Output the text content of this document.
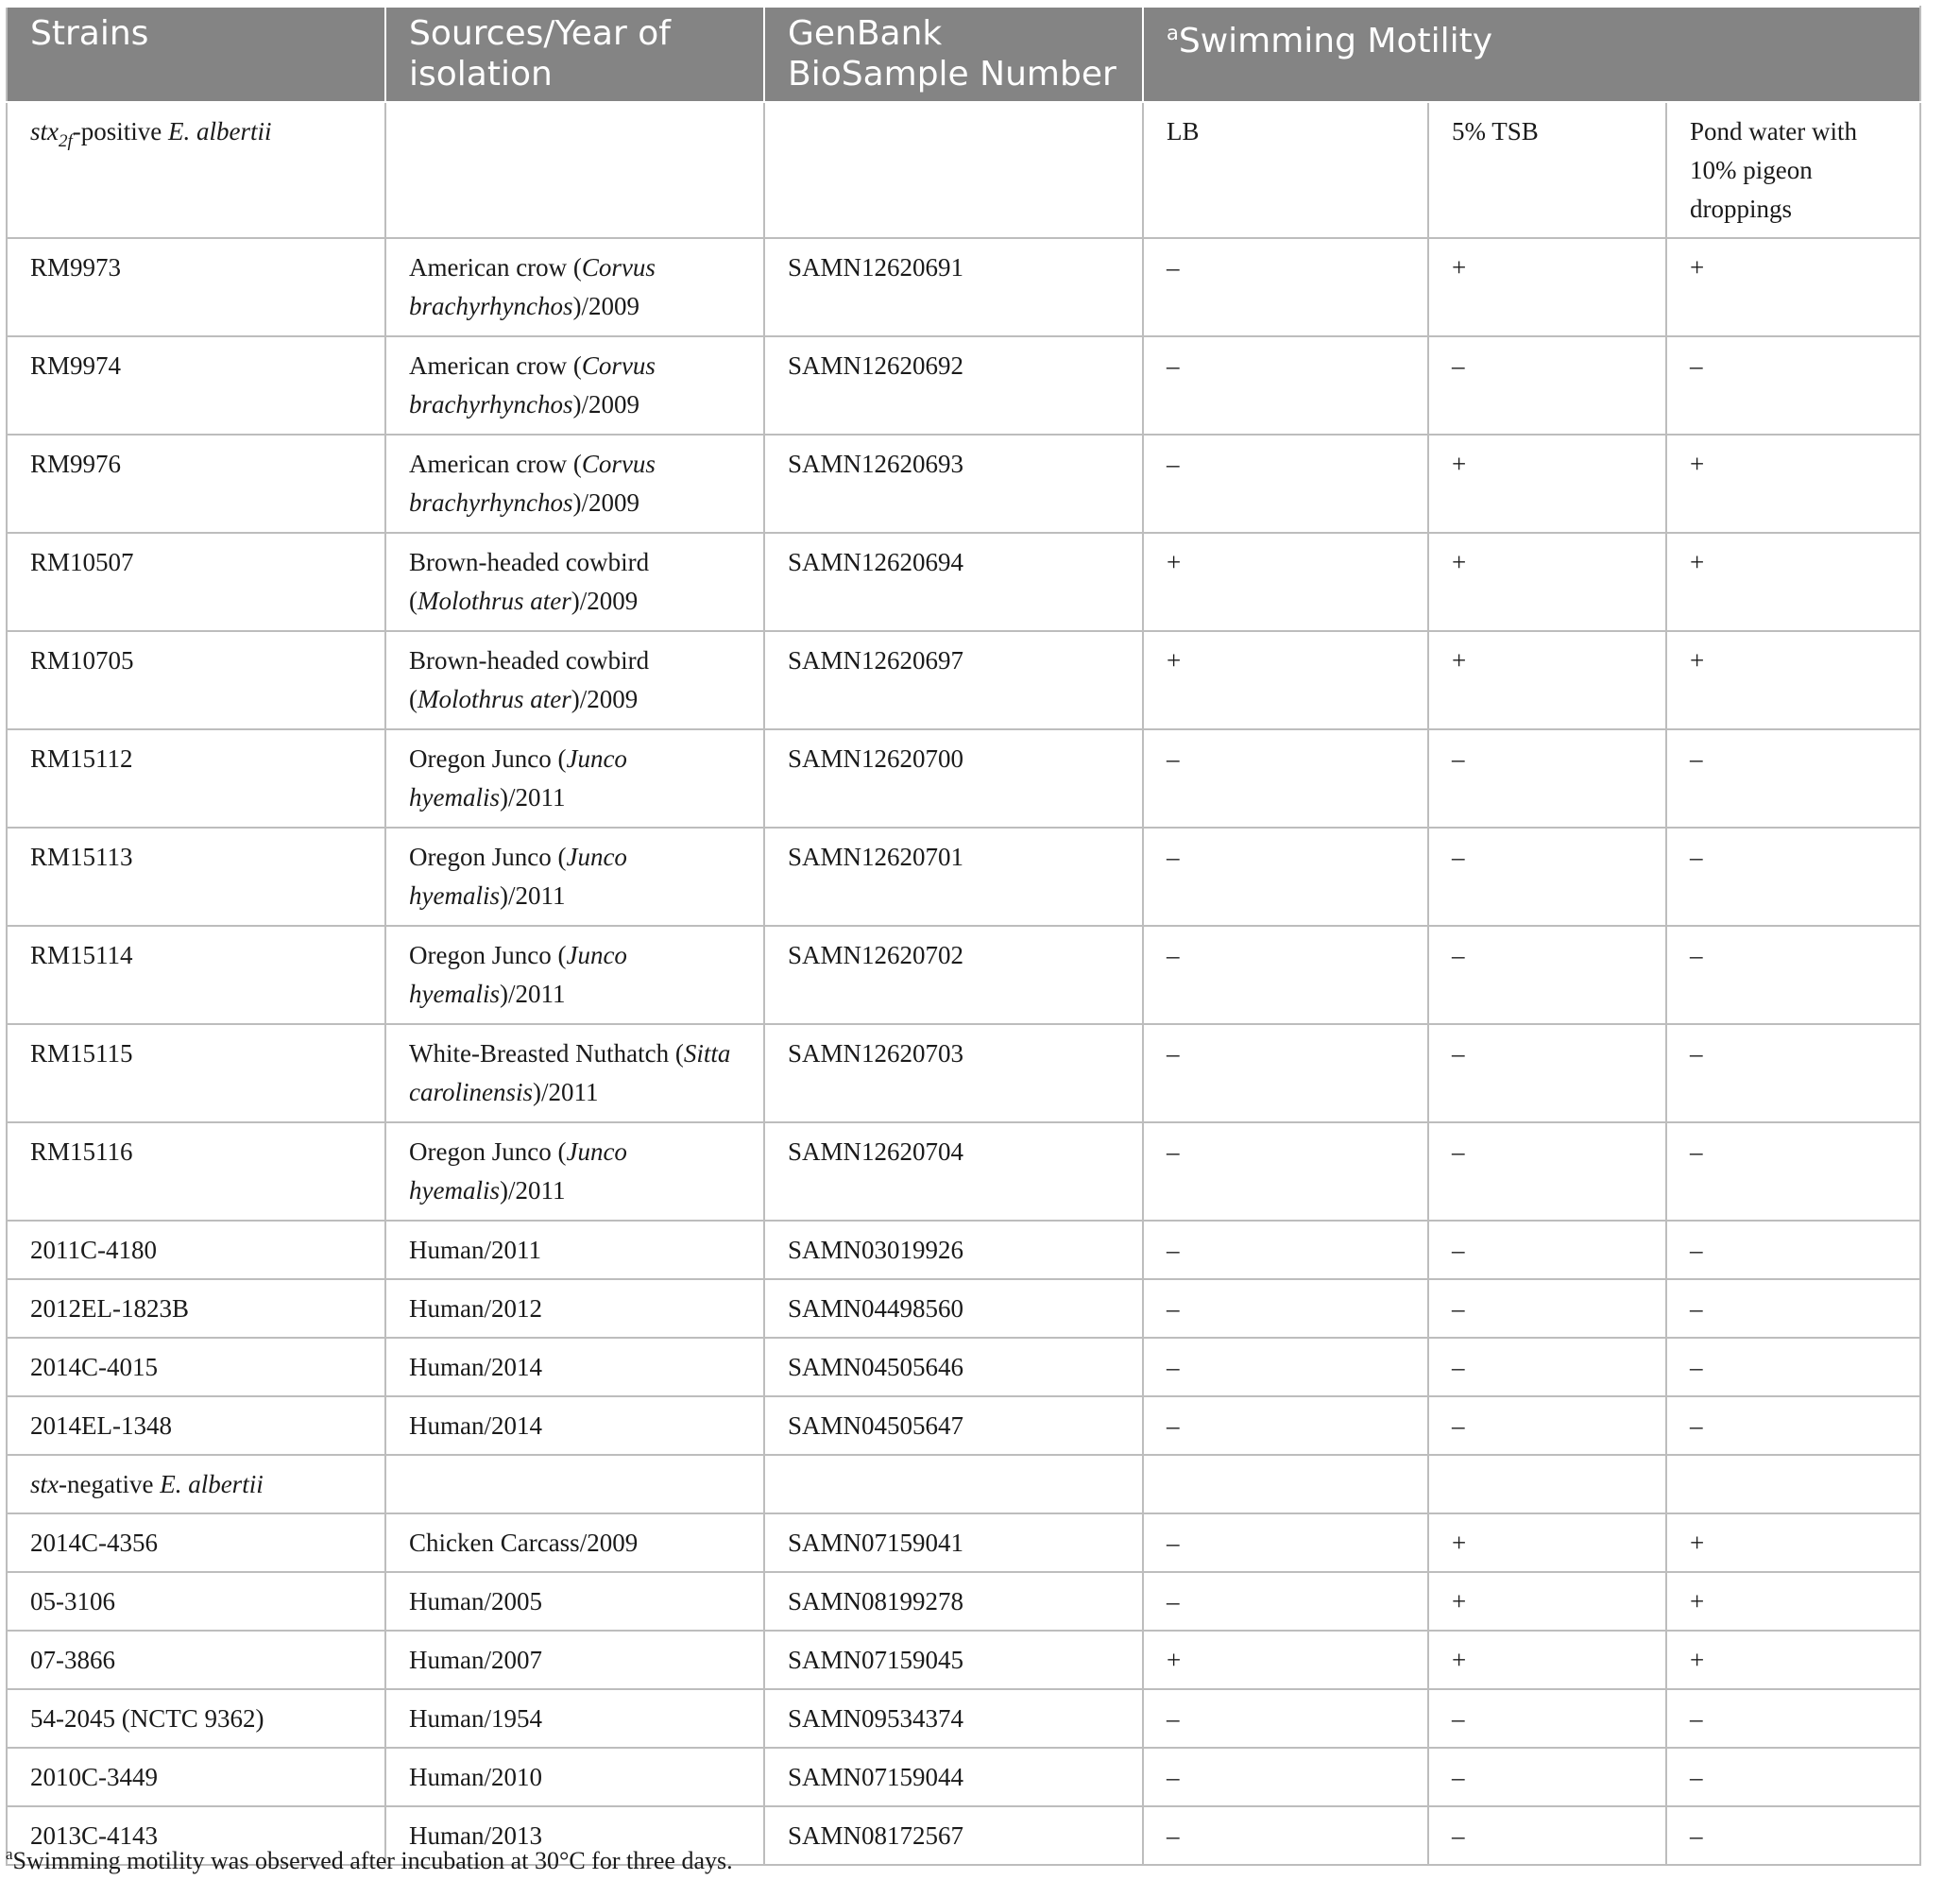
Strains	Sources/Year of isolation	GenBank BioSample Number	$^a$Swimming Motility		
stx$_{2f}$-positive E. albertii			LB	5% TSB	Pond water with 10% pigeon droppings
RM9973	American crow (Corvus brachyrhynchos)/2009	SAMN12620691	–	+	+
RM9974	American crow (Corvus brachyrhynchos)/2009	SAMN12620692	–	–	–
RM9976	American crow (Corvus brachyrhynchos)/2009	SAMN12620693	–	+	+
RM10507	Brown-headed cowbird (Molothrus ater)/2009	SAMN12620694	+	+	+
RM10705	Brown-headed cowbird (Molothrus ater)/2009	SAMN12620697	+	+	+
RM15112	Oregon Junco (Junco hyemalis)/2011	SAMN12620700	–	–	–
RM15113	Oregon Junco (Junco hyemalis)/2011	SAMN12620701	–	–	–
RM15114	Oregon Junco (Junco hyemalis)/2011	SAMN12620702	–	–	–
RM15115	White-Breasted Nuthatch (Sitta carolinensis)/2011	SAMN12620703	–	–	–
RM15116	Oregon Junco (Junco hyemalis)/2011	SAMN12620704	–	–	–
2011C-4180	Human/2011	SAMN03019926	–	–	–
2012EL-1823B	Human/2012	SAMN04498560	–	–	–
2014C-4015	Human/2014	SAMN04505646	–	–	–
2014EL-1348	Human/2014	SAMN04505647	–	–	–
stx-negative E. albertii					
2014C-4356	Chicken Carcass/2009	SAMN07159041	–	+	+
05-3106	Human/2005	SAMN08199278	–	+	+
07-3866	Human/2007	SAMN07159045	+	+	+
54-2045 (NCTC 9362)	Human/1954	SAMN09534374	–	–	–
2010C-3449	Human/2010	SAMN07159044	–	–	–
2013C-4143	Human/2013	SAMN08172567	–	–	–
$^a$Swimming motility was observed after incubation at 30°C for three days.
